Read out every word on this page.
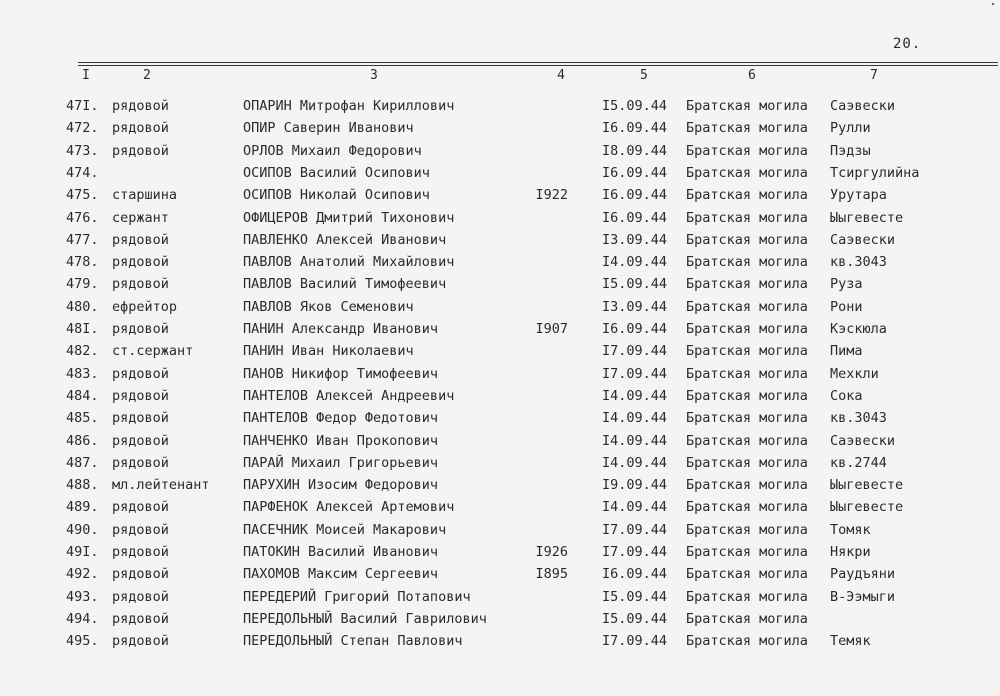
20.
I	2	3	4	5	6	7
47I. рядовой	ОПАРИН Митрофан Кириллович	I5.09.44 Братская могила Саэвески
472. рядовой	ОПИР Саверин Иванович	I6.09.44 Братская могила Рулли
473. рядовой	ОРЛОВ Михаил Федорович	I8.09.44 Братская могила Пэдзы
474.	ОСИПОВ Василий Осипович	I6.09.44 Братская могила Тсиргулийна
475. старшина	ОСИПОВ Николай Осипович	I922	I6.09.44 Братская могила Урутара
476. сержант	ОФИЦЕРОВ Дмитрий Тихонович	I6.09.44 Братская могила Ыыгевесте
477. рядовой	ПАВЛЕНКО Алексей Иванович	I3.09.44 Братская могила Саэвески
478. рядовой	ПАВЛОВ Анатолий Михайлович	I4.09.44 Братская могила кв.3043
479. рядовой	ПАВЛОВ Василий Тимофеевич	I5.09.44 Братская могила Руза
480. ефрейтор	ПАВЛОВ Яков Семенович	I3.09.44 Братская могила Рони
48I. рядовой	ПАНИН Александр Иванович	I907	I6.09.44 Братская могила Кэскюла
482. ст.сержант	ПАНИН Иван Николаевич	I7.09.44 Братская могила Пима
483. рядовой	ПАНОВ Никифор Тимофеевич	I7.09.44 Братская могила Мехкли
484. рядовой	ПАНТЕЛОВ Алексей Андреевич	I4.09.44 Братская могила Сока
485. рядовой	ПАНТЕЛОВ Федор Федотович	I4.09.44 Братская могила кв.3043
486. рядовой	ПАНЧЕНКО Иван Прокопович	I4.09.44 Братская могила Саэвески
487. рядовой	ПАРАЙ Михаил Григорьевич	I4.09.44 Братская могила кв.2744
488. мл.лейтенант ПАРУХИН Изосим Федорович	I9.09.44 Братская могила Ыыгевесте
489. рядовой	ПАРФЕНОК Алексей Артемович	I4.09.44 Братская могила Ыыгевесте
490. рядовой	ПАСЕЧНИК Моисей Макарович	I7.09.44 Братская могила Томяк
49I. рядовой	ПАТОКИН Василий Иванович	I926	I7.09.44 Братская могила Някри
492. рядовой	ПАХОМОВ Максим Сергеевич	I895	I6.09.44 Братская могила Раудъяни
493. рядовой	ПЕРЕДЕРИЙ Григорий Потапович	I5.09.44 Братская могила В-Ээмыги
494. рядовой	ПЕРЕДОЛЬНЫЙ Василий Гаврилович	I5.09.44 Братская могила
495. рядовой	ПЕРЕДОЛЬНЫЙ Степан Павлович	I7.09.44 Братская могила Темяк
